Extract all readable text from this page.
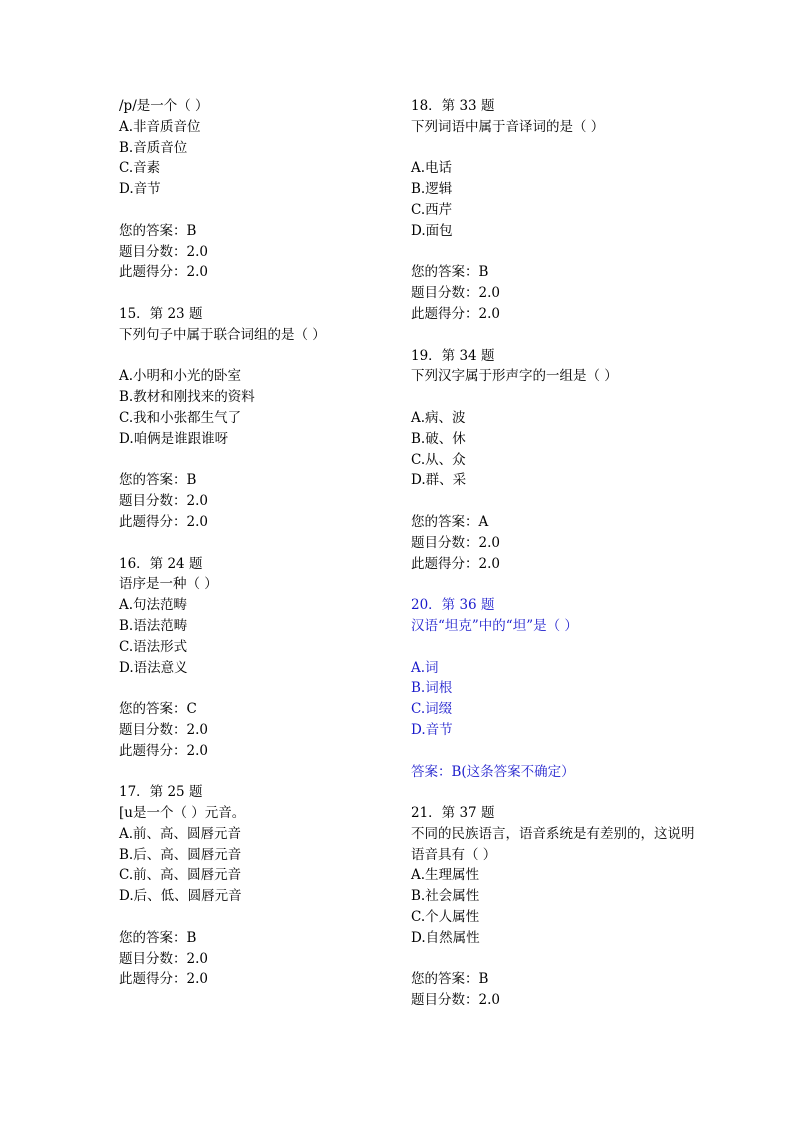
/p/是一个（ ）
A.非音质音位
B.音质音位
C.音素
D.音节
您的答案：B
题目分数：2.0
此题得分：2.0
15．第 23 题
下列句子中属于联合词组的是（ ）
A.小明和小光的卧室
B.教材和刚找来的资料
C.我和小张都生气了
D.咱俩是谁跟谁呀
您的答案：B
题目分数：2.0
此题得分：2.0
16．第 24 题
语序是一种（ ）
A.句法范畴
B.语法范畴
C.语法形式
D.语法意义
您的答案：C
题目分数：2.0
此题得分：2.0
17．第 25 题
[u是一个（ ）元音。
A.前、高、圆唇元音
B.后、高、圆唇元音
C.前、高、圆唇元音
D.后、低、圆唇元音
您的答案：B
题目分数：2.0
此题得分：2.0
18．第 33 题
下列词语中属于音译词的是（ ）
A.电话
B.逻辑
C.西芹
D.面包
您的答案：B
题目分数：2.0
此题得分：2.0
19．第 34 题
下列汉字属于形声字的一组是（ ）
A.病、波
B.破、休
C.从、众
D.群、采
您的答案：A
题目分数：2.0
此题得分：2.0
20．第 36 题
汉语“坦克”中的“坦”是（ ）
A.词
B.词根
C.词缀
D.音节
答案：B(这条答案不确定）
21．第 37 题
不同的民族语言，语音系统是有差别的，这说明语音具有（ ）
A.生理属性
B.社会属性
C.个人属性
D.自然属性
您的答案：B
题目分数：2.0
